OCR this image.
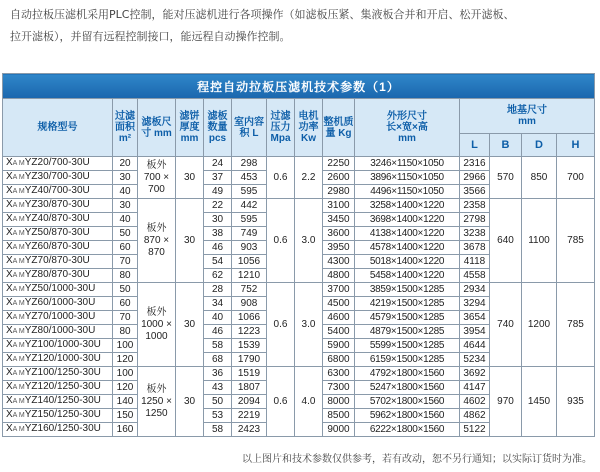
自动拉板压滤机采用PLC控制，能对压滤机进行各项操作（如滤板压紧、集液板合并和开启、松开滤板、
拉开滤板），并留有远程控制接口，能远程自动操作控制。

程控自动拉板压滤机技术参数（1）													
规格型号	过滤面积 m²	滤板尺寸 mm	滤饼厚度 mm	滤板数量 pcs	室内容积 L	过滤压力 Mpa	电机功率 Kw	整机质量 Kg	外形尺寸
长×宽×高
mm	地基尺寸
mm			
										L	B	D	H
XA MYZ20/700-30U	20	板外 700 × 700	30	24	298	0.6	2.2	2250	3246×1150×1050	2316	570	850	700
XA MYZ30/700-30U	30			37	453			2600	3896×1150×1050	2966			
XA MYZ40/700-30U	40			49	595			2980	4496×1150×1050	3566			
XA MYZ30/870-30U	30	板外 870 × 870	30	22	442	0.6	3.0	3100	3258×1400×1220	2358	640	1100	785
XA MYZ40/870-30U	40			30	595			3450	3698×1400×1220	2798			
XA MYZ50/870-30U	50			38	749			3600	4138×1400×1220	3238			
XA MYZ60/870-30U	60			46	903			3950	4578×1400×1220	3678			
XA MYZ70/870-30U	70			54	1056			4300	5018×1400×1220	4118			
XA MYZ80/870-30U	80			62	1210			4800	5458×1400×1220	4558			
XA MYZ50/1000-30U	50	板外 1000 × 1000	30	28	752	0.6	3.0	3700	3859×1500×1285	2934	740	1200	785
XA MYZ60/1000-30U	60			34	908			4500	4219×1500×1285	3294			
XA MYZ70/1000-30U	70			40	1066			4600	4579×1500×1285	3654			
XA MYZ80/1000-30U	80			46	1223			5400	4879×1500×1285	3954			
XA MYZ100/1000-30U	100			58	1539			5900	5599×1500×1285	4644			
XA MYZ120/1000-30U	120			68	1790			6800	6159×1500×1285	5234			
XA MYZ100/1250-30U	100	板外 1250 × 1250	30	36	1519	0.6	4.0	6300	4792×1800×1560	3692	970	1450	935
XA MYZ120/1250-30U	120			43	1807			7300	5247×1800×1560	4147			
XA MYZ140/1250-30U	140			50	2094			8000	5702×1800×1560	4602			
XA MYZ150/1250-30U	150			53	2219			8500	5962×1800×1560	4862			
XA MYZ160/1250-30U	160			58	2423			9000	6222×1800×1560	5122			

以上图片和技术参数仅供参考，若有改动，恕不另行通知；以实际订货时为准。
